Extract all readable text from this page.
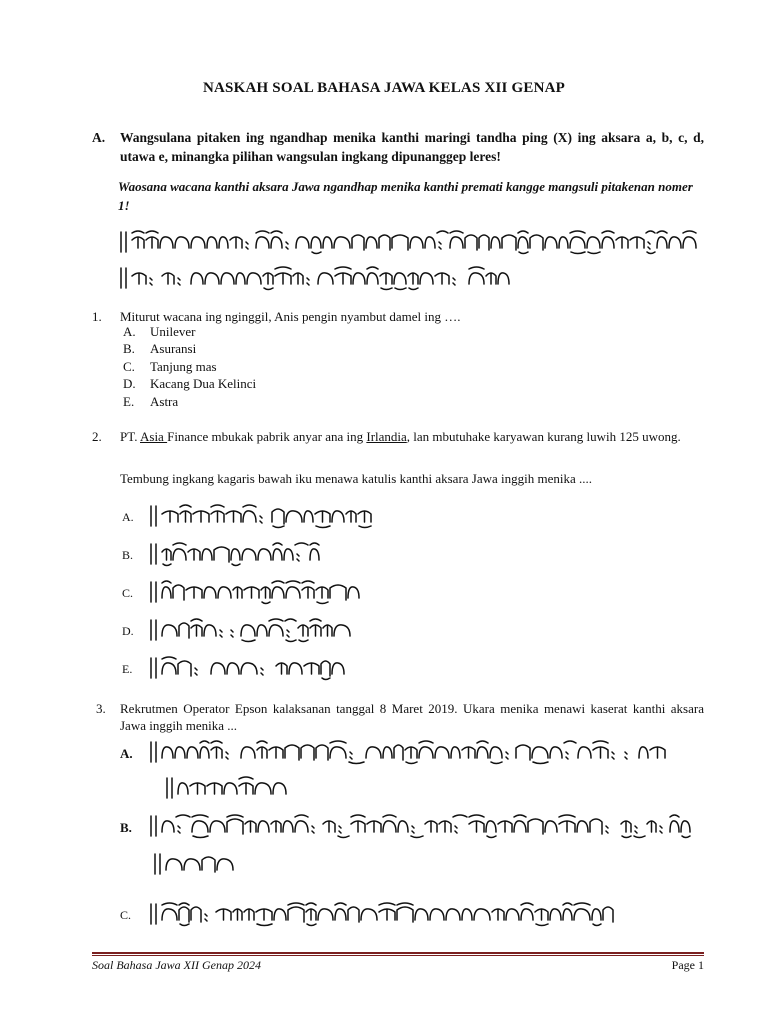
NASKAH SOAL BAHASA JAWA KELAS XII GENAP
A. Wangsulana pitaken ing ngandhap menika kanthi maringi tandha ping (X) ing aksara a, b, c, d, utawa e, minangka pilihan wangsulan ingkang dipunanggep leres!
Waosana wacana kanthi aksara Jawa ngandhap menika kanthi premati kangge mangsuli pitakenan nomer 1!
1. Miturut wacana ing nginggil, Anis pengin nyambut damel ing ….
A. Unilever
B. Asuransi
C. Tanjung mas
D. Kacang Dua Kelinci
E. Astra
2. PT. Asia Finance mbukak pabrik anyar ana ing Irlandia, lan mbutuhake karyawan kurang luwih 125 uwong.
Tembung ingkang kagaris bawah iku menawa katulis kanthi aksara Jawa inggih menika ....
A.
B.
C.
D.
E.
3. Rekrutmen Operator Epson kalaksanan tanggal 8 Maret 2019. Ukara menika menawi kaserat kanthi aksara Jawa inggih menika ...
A.
B.
C.
Soal Bahasa Jawa XII Genap 2024	Page 1
